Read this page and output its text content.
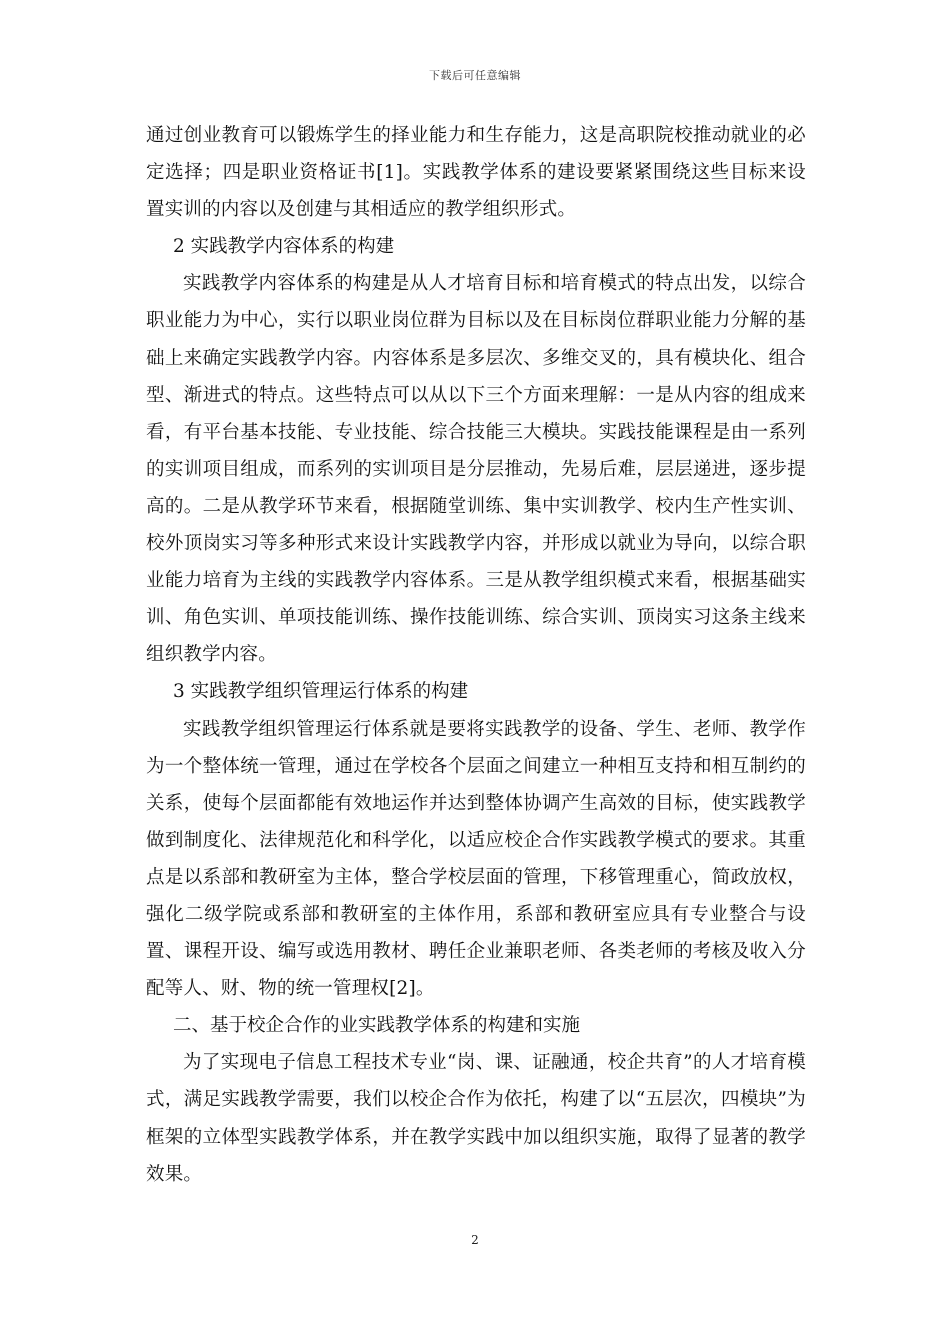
下载后可任意编辑

通过创业教育可以锻炼学生的择业能力和生存能力，这是高职院校推动就业的必定选择；四是职业资格证书[1]。实践教学体系的建设要紧紧围绕这些目标来设置实训的内容以及创建与其相适应的教学组织形式。

2 实践教学内容体系的构建

实践教学内容体系的构建是从人才培育目标和培育模式的特点出发，以综合职业能力为中心，实行以职业岗位群为目标以及在目标岗位群职业能力分解的基础上来确定实践教学内容。内容体系是多层次、多维交叉的，具有模块化、组合型、渐进式的特点。这些特点可以从以下三个方面来理解：一是从内容的组成来看，有平台基本技能、专业技能、综合技能三大模块。实践技能课程是由一系列的实训项目组成，而系列的实训项目是分层推动，先易后难，层层递进，逐步提高的。二是从教学环节来看，根据随堂训练、集中实训教学、校内生产性实训、校外顶岗实习等多种形式来设计实践教学内容，并形成以就业为导向，以综合职业能力培育为主线的实践教学内容体系。三是从教学组织模式来看，根据基础实训、角色实训、单项技能训练、操作技能训练、综合实训、顶岗实习这条主线来组织教学内容。

3 实践教学组织管理运行体系的构建

实践教学组织管理运行体系就是要将实践教学的设备、学生、老师、教学作为一个整体统一管理，通过在学校各个层面之间建立一种相互支持和相互制约的关系，使每个层面都能有效地运作并达到整体协调产生高效的目标，使实践教学做到制度化、法律规范化和科学化，以适应校企合作实践教学模式的要求。其重点是以系部和教研室为主体，整合学校层面的管理，下移管理重心，简政放权，强化二级学院或系部和教研室的主体作用，系部和教研室应具有专业整合与设置、课程开设、编写或选用教材、聘任企业兼职老师、各类老师的考核及收入分配等人、财、物的统一管理权[2]。

二、基于校企合作的业实践教学体系的构建和实施

为了实现电子信息工程技术专业“岗、课、证融通，校企共育”的人才培育模式，满足实践教学需要，我们以校企合作为依托，构建了以“五层次，四模块”为框架的立体型实践教学体系，并在教学实践中加以组织实施，取得了显著的教学效果。

2
